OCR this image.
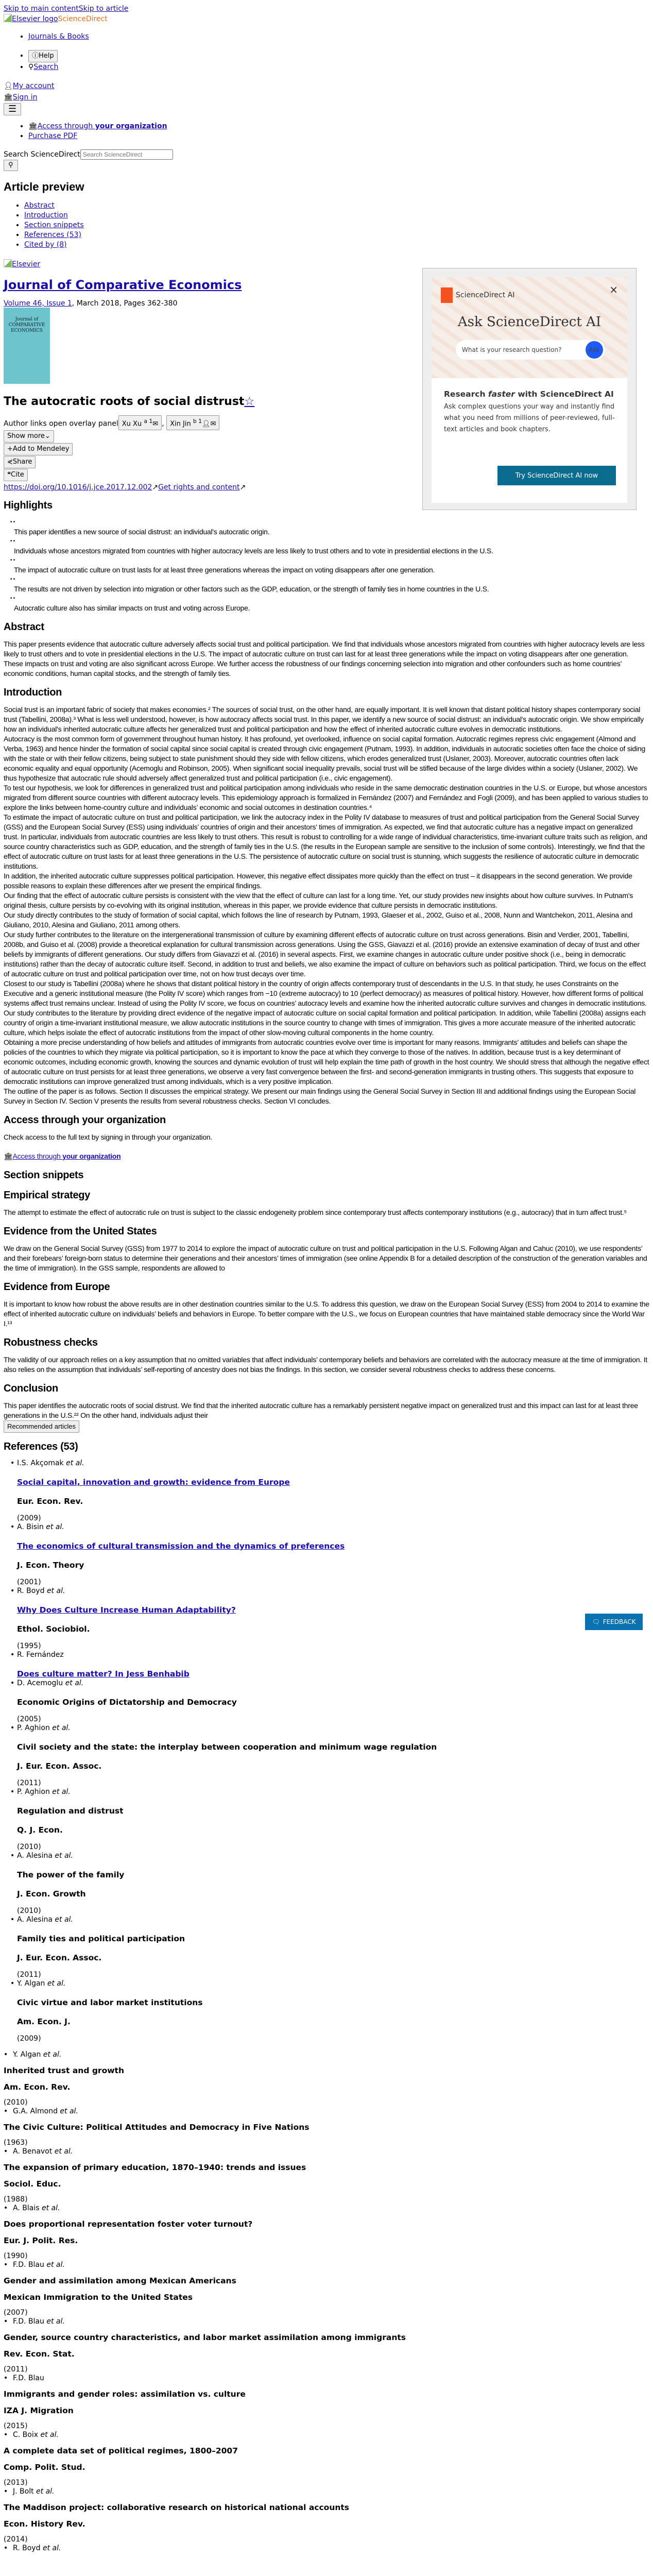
Skip to main contentSkip to article
Elsevier logoScienceDirect
• Journals & Books
• ⓘHelp
• ⚲Search
👤︎My account
🏛︎Sign in
☰
• 🏛︎Access through your organization
• Purchase PDF
Search ScienceDirectSearch ScienceDirect
⚲
Article preview
• Abstract
• Introduction
• Section snippets
• References (53)
• Cited by (8)
Elsevier
Journal of Comparative Economics
Volume 46, Issue 1, March 2018, Pages 362-380
Journal of
COMPARATIVE
ECONOMICS
The autocratic roots of social distrust☆
Author links open overlay panel Xu Xu $^{a 1}$✉ , Xin Jin $^{b 1}$👤︎✉
Show more⌄
+Add to Mendeley
⋞Share
❝Cite
https://doi.org/10.1016/j.jce.2017.12.002↗Get rights and content↗
Highlights
• •
This paper identifies a new source of social distrust: an individual's autocratic origin.
• •
Individuals whose ancestors migrated from countries with higher autocracy levels are less likely to trust others and to vote in presidential elections in the U.S.
• •
The impact of autocratic culture on trust lasts for at least three generations whereas the impact on voting disappears after one generation.
• •
The results are not driven by selection into migration or other factors such as the GDP, education, or the strength of family ties in home countries in the U.S.
• •
Autocratic culture also has similar impacts on trust and voting across Europe.
Abstract

This paper presents evidence that autocratic culture adversely affects social trust and political participation. We find that individuals whose ancestors migrated from countries with higher autocracy levels are less likely to trust others and to vote in presidential elections in the U.S. The impact of autocratic culture on trust can last for at least three generations while the impact on voting disappears after one generation. These impacts on trust and voting are also significant across Europe. We further access the robustness of our findings concerning selection into migration and other confounders such as home countries’ economic conditions, human capital stocks, and the strength of family ties.

Introduction

Social trust is an important fabric of society that makes economies.² The sources of social trust, on the other hand, are equally important. It is well known that distant political history shapes contemporary social trust (Tabellini, 2008a).³ What is less well understood, however, is how autocracy affects social trust. In this paper, we identify a new source of social distrust: an individual's autocratic origin. We show empirically how an individual's inherited autocratic culture affects her generalized trust and political participation and how the effect of inherited autocratic culture evolves in democratic institutions.

Autocracy is the most common form of government throughout human history. It has profound, yet overlooked, influence on social capital formation. Autocratic regimes repress civic engagement (Almond and Verba, 1963) and hence hinder the formation of social capital since social capital is created through civic engagement (Putnam, 1993). In addition, individuals in autocratic societies often face the choice of siding with the state or with their fellow citizens, being subject to state punishment should they side with fellow citizens, which erodes generalized trust (Uslaner, 2003). Moreover, autocratic countries often lack economic equality and equal opportunity (Acemoglu and Robinson, 2005). When significant social inequality prevails, social trust will be stifled because of the large divides within a society (Uslaner, 2002). We thus hypothesize that autocratic rule should adversely affect generalized trust and political participation (i.e., civic engagement).

To test our hypothesis, we look for differences in generalized trust and political participation among individuals who reside in the same democratic destination countries in the U.S. or Europe, but whose ancestors migrated from different source countries with different autocracy levels. This epidemiology approach is formalized in Fernández (2007) and Fernández and Fogli (2009), and has been applied to various studies to explore the links between home-country culture and individuals’ economic and social outcomes in destination countries.⁴

To estimate the impact of autocratic culture on trust and political participation, we link the autocracy index in the Polity IV database to measures of trust and political participation from the General Social Survey (GSS) and the European Social Survey (ESS) using individuals’ countries of origin and their ancestors’ times of immigration. As expected, we find that autocratic culture has a negative impact on generalized trust. In particular, individuals from autocratic countries are less likely to trust others. This result is robust to controlling for a wide range of individual characteristics, time-invariant culture traits such as religion, and source country characteristics such as GDP, education, and the strength of family ties in the U.S. (the results in the European sample are sensitive to the inclusion of some controls). Interestingly, we find that the effect of autocratic culture on trust lasts for at least three generations in the U.S. The persistence of autocratic culture on social trust is stunning, which suggests the resilience of autocratic culture in democratic institutions.

In addition, the inherited autocratic culture suppresses political participation. However, this negative effect dissipates more quickly than the effect on trust – it disappears in the second generation. We provide possible reasons to explain these differences after we present the empirical findings.

Our finding that the effect of autocratic culture persists is consistent with the view that the effect of culture can last for a long time. Yet, our study provides new insights about how culture survives. In Putnam's original thesis, culture persists by co-evolving with its original institution, whereas in this paper, we provide evidence that culture persists in democratic institutions.

Our study directly contributes to the study of formation of social capital, which follows the line of research by Putnam, 1993, Glaeser et al., 2002, Guiso et al., 2008, Nunn and Wantchekon, 2011, Alesina and Giuliano, 2010, Alesina and Giuliano, 2011 among others.

Our study further contributes to the literature on the intergenerational transmission of culture by examining different effects of autocratic culture on trust across generations. Bisin and Verdier, 2001, Tabellini, 2008b, and Guiso et al. (2008) provide a theoretical explanation for cultural transmission across generations. Using the GSS, Giavazzi et al. (2016) provide an extensive examination of decay of trust and other beliefs by immigrants of different generations. Our study differs from Giavazzi et al. (2016) in several aspects. First, we examine changes in autocratic culture under positive shock (i.e., being in democratic institutions) rather than the decay of autocratic culture itself. Second, in addition to trust and beliefs, we also examine the impact of culture on behaviors such as political participation. Third, we focus on the effect of autocratic culture on trust and political participation over time, not on how trust decays over time.

Closest to our study is Tabellini (2008a) where he shows that distant political history in the country of origin affects contemporary trust of descendants in the U.S. In that study, he uses Constraints on the Executive and a generic institutional measure (the Polity IV score) which ranges from −10 (extreme autocracy) to 10 (perfect democracy) as measures of political history. However, how different forms of political systems affect trust remains unclear. Instead of using the Polity IV score, we focus on countries’ autocracy levels and examine how the inherited autocratic culture survives and changes in democratic institutions.

Our study contributes to the literature by providing direct evidence of the negative impact of autocratic culture on social capital formation and political participation. In addition, while Tabellini (2008a) assigns each country of origin a time-invariant institutional measure, we allow autocratic institutions in the source country to change with times of immigration. This gives a more accurate measure of the inherited autocratic culture, which helps isolate the effect of autocratic institutions from the impact of other slow-moving cultural components in the home country.

Obtaining a more precise understanding of how beliefs and attitudes of immigrants from autocratic countries evolve over time is important for many reasons. Immigrants’ attitudes and beliefs can shape the policies of the countries to which they migrate via political participation, so it is important to know the pace at which they converge to those of the natives. In addition, because trust is a key determinant of economic outcomes, including economic growth, knowing the sources and dynamic evolution of trust will help explain the time path of growth in the host country. We should stress that although the negative effect of autocratic culture on trust persists for at least three generations, we observe a very fast convergence between the first- and second-generation immigrants in trusting others. This suggests that exposure to democratic institutions can improve generalized trust among individuals, which is a very positive implication.

The outline of the paper is as follows. Section II discusses the empirical strategy. We present our main findings using the General Social Survey in Section III and additional findings using the European Social Survey in Section IV. Section V presents the results from several robustness checks. Section VI concludes.

Access through your organization

Check access to the full text by signing in through your organization.

🏛︎Access through your organization

Section snippets
Empirical strategy

The attempt to estimate the effect of autocratic rule on trust is subject to the classic endogeneity problem since contemporary trust affects contemporary institutions (e.g., autocracy) that in turn affect trust.⁵

Evidence from the United States

We draw on the General Social Survey (GSS) from 1977 to 2014 to explore the impact of autocratic culture on trust and political participation in the U.S. Following Algan and Cahuc (2010), we use respondents’ and their forebears’ foreign-born status to determine their generations and their ancestors’ times of immigration (see online Appendix B for a detailed description of the construction of the generation variables and the time of immigration). In the GSS sample, respondents are allowed to

Evidence from Europe

It is important to know how robust the above results are in other destination countries similar to the U.S. To address this question, we draw on the European Social Survey (ESS) from 2004 to 2014 to examine the effect of inherited autocratic culture on individuals’ beliefs and behaviors in Europe. To better compare with the U.S., we focus on European countries that have maintained stable democracy since the World War I.¹³

Robustness checks

The validity of our approach relies on a key assumption that no omitted variables that affect individuals’ contemporary beliefs and behaviors are correlated with the autocracy measure at the time of immigration. It also relies on the assumption that individuals’ self-reporting of ancestry does not bias the findings. In this section, we consider several robustness checks to address these concerns.

Conclusion

This paper identifies the autocratic roots of social distrust. We find that the inherited autocratic culture has a remarkably persistent negative impact on generalized trust and this impact can last for at least three generations in the U.S.²² On the other hand, individuals adjust their

Recommended articles
References (53)
🗨︎ FEEDBACK
• I.S. Akçomak et al.
Social capital, innovation and growth: evidence from Europe
Eur. Econ. Rev.
(2009)
• A. Bisin et al.
The economics of cultural transmission and the dynamics of preferences
J. Econ. Theory
(2001)
• R. Boyd et al.
Why Does Culture Increase Human Adaptability?
Ethol. Sociobiol.
(1995)
• R. Fernández
Does culture matter? In Jess Benhabib
• D. Acemoglu et al.
Economic Origins of Dictatorship and Democracy
(2005)
• P. Aghion et al.
Civil society and the state: the interplay between cooperation and minimum wage regulation
J. Eur. Econ. Assoc.
(2011)
• P. Aghion et al.
Regulation and distrust
Q. J. Econ.
(2010)
• A. Alesina et al.
The power of the family
J. Econ. Growth
(2010)
• A. Alesina et al.
Family ties and political participation
J. Eur. Econ. Assoc.
(2011)
• Y. Algan et al.
Civic virtue and labor market institutions
Am. Econ. J.
(2009)
• Y. Algan et al.
Inherited trust and growth
Am. Econ. Rev.
(2010)
• G.A. Almond et al.
The Civic Culture: Political Attitudes and Democracy in Five Nations
(1963)
• A. Benavot et al.
The expansion of primary education, 1870–1940: trends and issues
Sociol. Educ.
(1988)
• A. Blais et al.
Does proportional representation foster voter turnout?
Eur. J. Polit. Res.
(1990)
• F.D. Blau et al.
Gender and assimilation among Mexican Americans
Mexican Immigration to the United States
(2007)
• F.D. Blau et al.
Gender, source country characteristics, and labor market assimilation among immigrants
Rev. Econ. Stat.
(2011)
• F.D. Blau
Immigrants and gender roles: assimilation vs. culture
IZA J. Migration
(2015)
• C. Boix et al.
A complete data set of political regimes, 1800–2007
Comp. Polit. Stud.
(2013)
• J. Bolt et al.
The Maddison project: collaborative research on historical national accounts
Econ. History Rev.
(2014)
• R. Boyd et al.
ScienceDirect AI	×
Ask ScienceDirect AI
What is your research question?	Ask
Research faster with ScienceDirect AI
Ask complex questions your way and instantly find what you need from millions of peer-reviewed, full-text articles and book chapters.
Try ScienceDirect AI now
